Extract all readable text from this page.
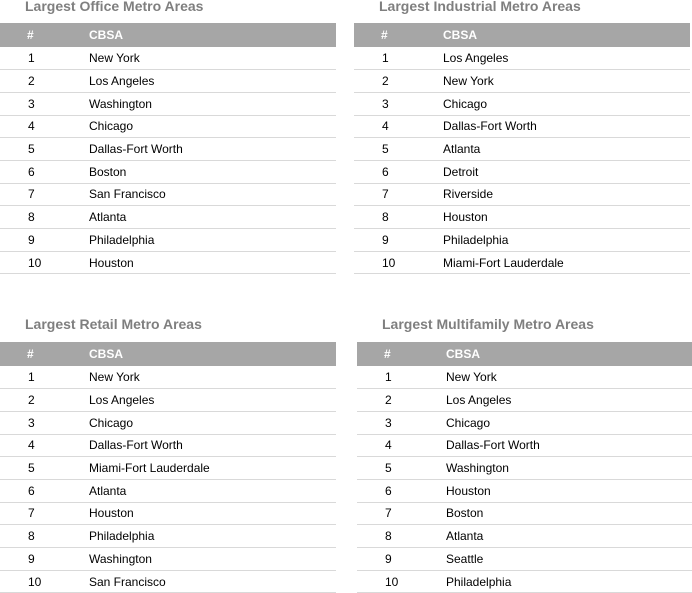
Largest Office Metro Areas
#	CBSA
1	New York
2	Los Angeles
3	Washington
4	Chicago
5	Dallas-Fort Worth
6	Boston
7	San Francisco
8	Atlanta
9	Philadelphia
10	Houston
Largest Industrial Metro Areas
#	CBSA
1	Los Angeles
2	New York
3	Chicago
4	Dallas-Fort Worth
5	Atlanta
6	Detroit
7	Riverside
8	Houston
9	Philadelphia
10	Miami-Fort Lauderdale
Largest Retail Metro Areas
#	CBSA
1	New York
2	Los Angeles
3	Chicago
4	Dallas-Fort Worth
5	Miami-Fort Lauderdale
6	Atlanta
7	Houston
8	Philadelphia
9	Washington
10	San Francisco
Largest Multifamily Metro Areas
#	CBSA
1	New York
2	Los Angeles
3	Chicago
4	Dallas-Fort Worth
5	Washington
6	Houston
7	Boston
8	Atlanta
9	Seattle
10	Philadelphia
